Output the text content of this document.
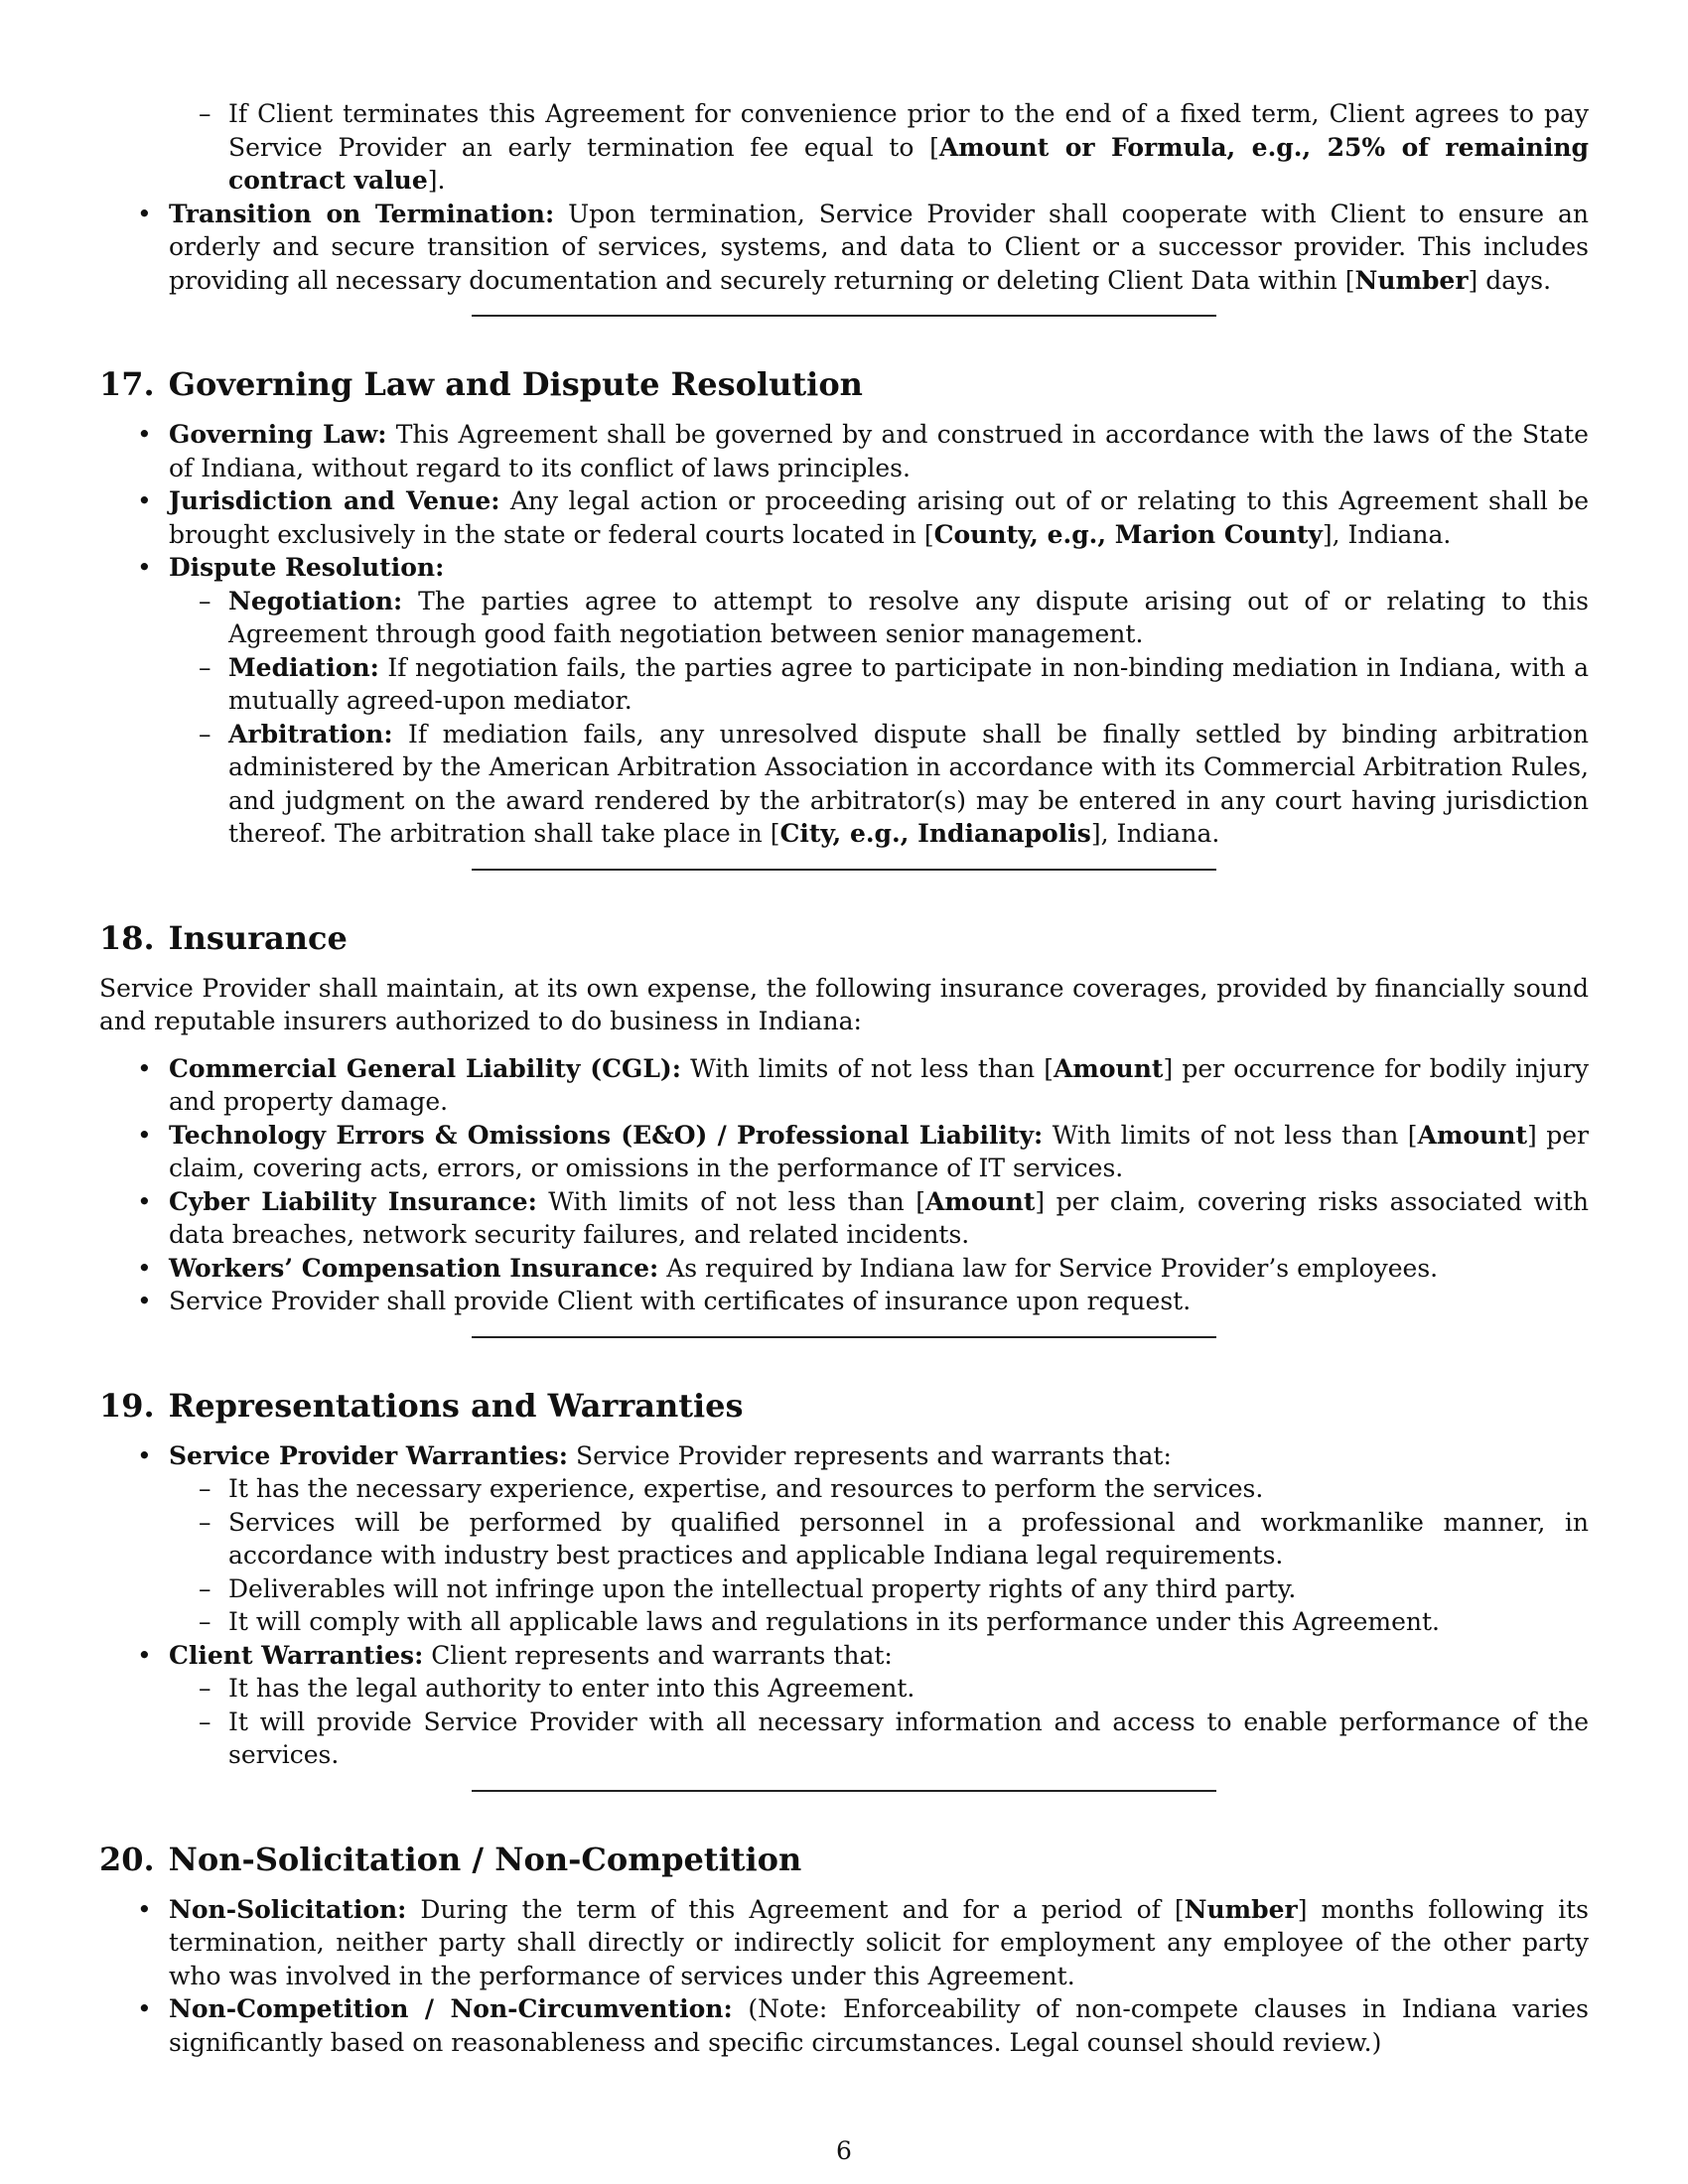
– If Client terminates this Agreement for convenience prior to the end of a fixed term, Client agrees to pay Service Provider an early termination fee equal to [Amount or Formula, e.g., 25% of remaining contract value].
• Transition on Termination: Upon termination, Service Provider shall cooperate with Client to ensure an orderly and secure transition of services, systems, and data to Client or a successor provider. This includes providing all necessary documentation and securely returning or deleting Client Data within [Number] days.
17. Governing Law and Dispute Resolution
• Governing Law: This Agreement shall be governed by and construed in accordance with the laws of the State of Indiana, without regard to its conflict of laws principles.
• Jurisdiction and Venue: Any legal action or proceeding arising out of or relating to this Agreement shall be brought exclusively in the state or federal courts located in [County, e.g., Marion County], Indiana.
• Dispute Resolution:
– Negotiation: The parties agree to attempt to resolve any dispute arising out of or relating to this Agreement through good faith negotiation between senior management.
– Mediation: If negotiation fails, the parties agree to participate in non-binding mediation in Indiana, with a mutually agreed-upon mediator.
– Arbitration: If mediation fails, any unresolved dispute shall be finally settled by binding arbitration administered by the American Arbitration Association in accordance with its Commercial Arbitration Rules, and judgment on the award rendered by the arbitrator(s) may be entered in any court having jurisdiction thereof. The arbitration shall take place in [City, e.g., Indianapolis], Indiana.
18. Insurance

Service Provider shall maintain, at its own expense, the following insurance coverages, provided by financially sound and reputable insurers authorized to do business in Indiana:

• Commercial General Liability (CGL): With limits of not less than [Amount] per occurrence for bodily injury and property damage.
• Technology Errors & Omissions (E&O) / Professional Liability: With limits of not less than [Amount] per claim, covering acts, errors, or omissions in the performance of IT services.
• Cyber Liability Insurance: With limits of not less than [Amount] per claim, covering risks associated with data breaches, network security failures, and related incidents.
• Workers’ Compensation Insurance: As required by Indiana law for Service Provider’s employees.
• Service Provider shall provide Client with certificates of insurance upon request.
19. Representations and Warranties
• Service Provider Warranties: Service Provider represents and warrants that:
– It has the necessary experience, expertise, and resources to perform the services.
– Services will be performed by qualified personnel in a professional and workmanlike manner, in accordance with industry best practices and applicable Indiana legal requirements.
– Deliverables will not infringe upon the intellectual property rights of any third party.
– It will comply with all applicable laws and regulations in its performance under this Agreement.
• Client Warranties: Client represents and warrants that:
– It has the legal authority to enter into this Agreement.
– It will provide Service Provider with all necessary information and access to enable performance of the services.
20. Non-Solicitation / Non-Competition
• Non-Solicitation: During the term of this Agreement and for a period of [Number] months following its termination, neither party shall directly or indirectly solicit for employment any employee of the other party who was involved in the performance of services under this Agreement.
• Non-Competition / Non-Circumvention: (Note: Enforceability of non-compete clauses in Indiana varies significantly based on reasonableness and specific circumstances. Legal counsel should review.)
6
